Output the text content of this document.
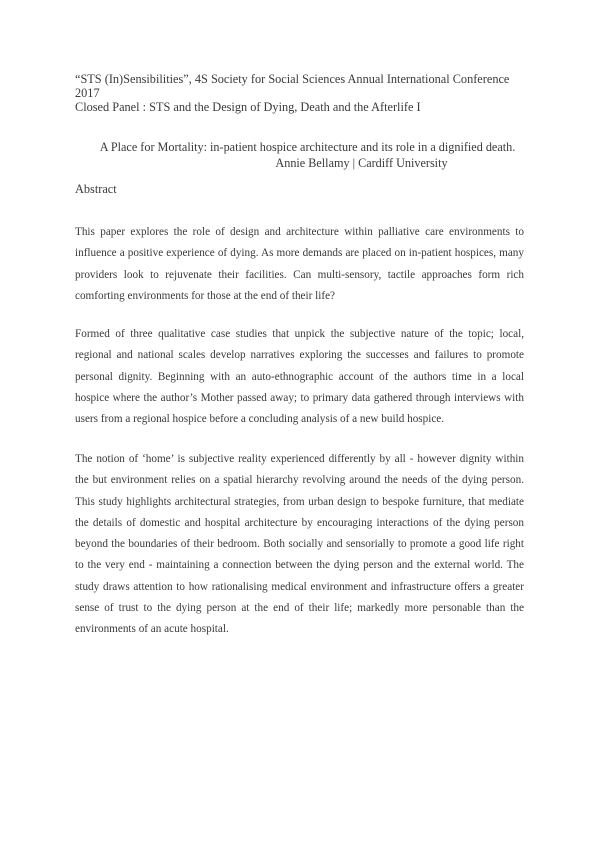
“STS (In)Sensibilities”, 4S Society for Social Sciences Annual International Conference
2017
Closed Panel : STS and the Design of Dying, Death and the Afterlife I
A Place for Mortality: in-patient hospice architecture and its role in a dignified death.
Annie Bellamy | Cardiff University
Abstract

This paper explores the role of design and architecture within palliative care environments to influence a positive experience of dying. As more demands are placed on in-patient hospices, many providers look to rejuvenate their facilities. Can multi-sensory, tactile approaches form rich comforting environments for those at the end of their life?

Formed of three qualitative case studies that unpick the subjective nature of the topic; local, regional and national scales develop narratives exploring the successes and failures to promote personal dignity. Beginning with an auto-ethnographic account of the authors time in a local hospice where the author’s Mother passed away; to primary data gathered through interviews with users from a regional hospice before a concluding analysis of a new build hospice.

The notion of ‘home’ is subjective reality experienced differently by all - however dignity within the but environment relies on a spatial hierarchy revolving around the needs of the dying person. This study highlights architectural strategies, from urban design to bespoke furniture, that mediate the details of domestic and hospital architecture by encouraging interactions of the dying person beyond the boundaries of their bedroom. Both socially and sensorially to promote a good life right to the very end - maintaining a connection between the dying person and the external world. The study draws attention to how rationalising medical environment and infrastructure offers a greater sense of trust to the dying person at the end of their life; markedly more personable than the environments of an acute hospital.
